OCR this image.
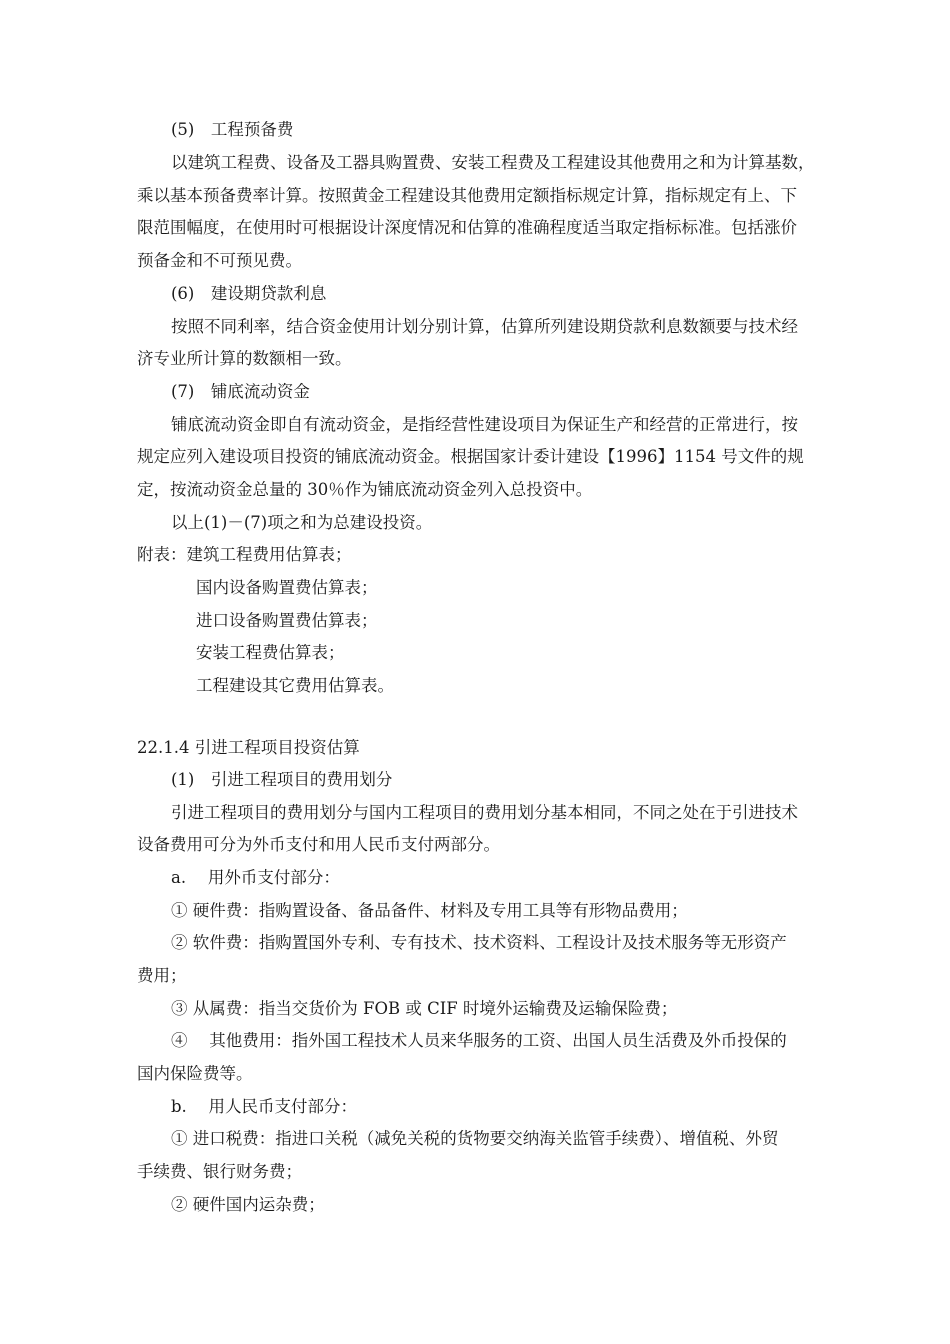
(5)　工程预备费
以建筑工程费、设备及工器具购置费、安装工程费及工程建设其他费用之和为计算基数，
乘以基本预备费率计算。按照黄金工程建设其他费用定额指标规定计算，指标规定有上、下
限范围幅度，在使用时可根据设计深度情况和估算的准确程度适当取定指标标准。包括涨价
预备金和不可预见费。
(6)　建设期贷款利息
按照不同利率，结合资金使用计划分别计算，估算所列建设期贷款利息数额要与技术经
济专业所计算的数额相一致。
(7)　铺底流动资金
铺底流动资金即自有流动资金，是指经营性建设项目为保证生产和经营的正常进行，按
规定应列入建设项目投资的铺底流动资金。根据国家计委计建设【1996】1154 号文件的规
定，按流动资金总量的 30％作为铺底流动资金列入总投资中。
以上(1)－(7)项之和为总建设投资。
附表：建筑工程费用估算表；
国内设备购置费估算表；
进口设备购置费估算表；
安装工程费估算表；
工程建设其它费用估算表。
22.1.4 引进工程项目投资估算
(1)　引进工程项目的费用划分
引进工程项目的费用划分与国内工程项目的费用划分基本相同，不同之处在于引进技术
设备费用可分为外币支付和用人民币支付两部分。
a.　 用外币支付部分：
① 硬件费：指购置设备、备品备件、材料及专用工具等有形物品费用；
② 软件费：指购置国外专利、专有技术、技术资料、工程设计及技术服务等无形资产
费用；
③ 从属费：指当交货价为 FOB 或 CIF 时境外运输费及运输保险费；
④　 其他费用：指外国工程技术人员来华服务的工资、出国人员生活费及外币投保的
国内保险费等。
b.　 用人民币支付部分：
① 进口税费：指进口关税（减免关税的货物要交纳海关监管手续费）、增值税、外贸
手续费、银行财务费；
② 硬件国内运杂费；
